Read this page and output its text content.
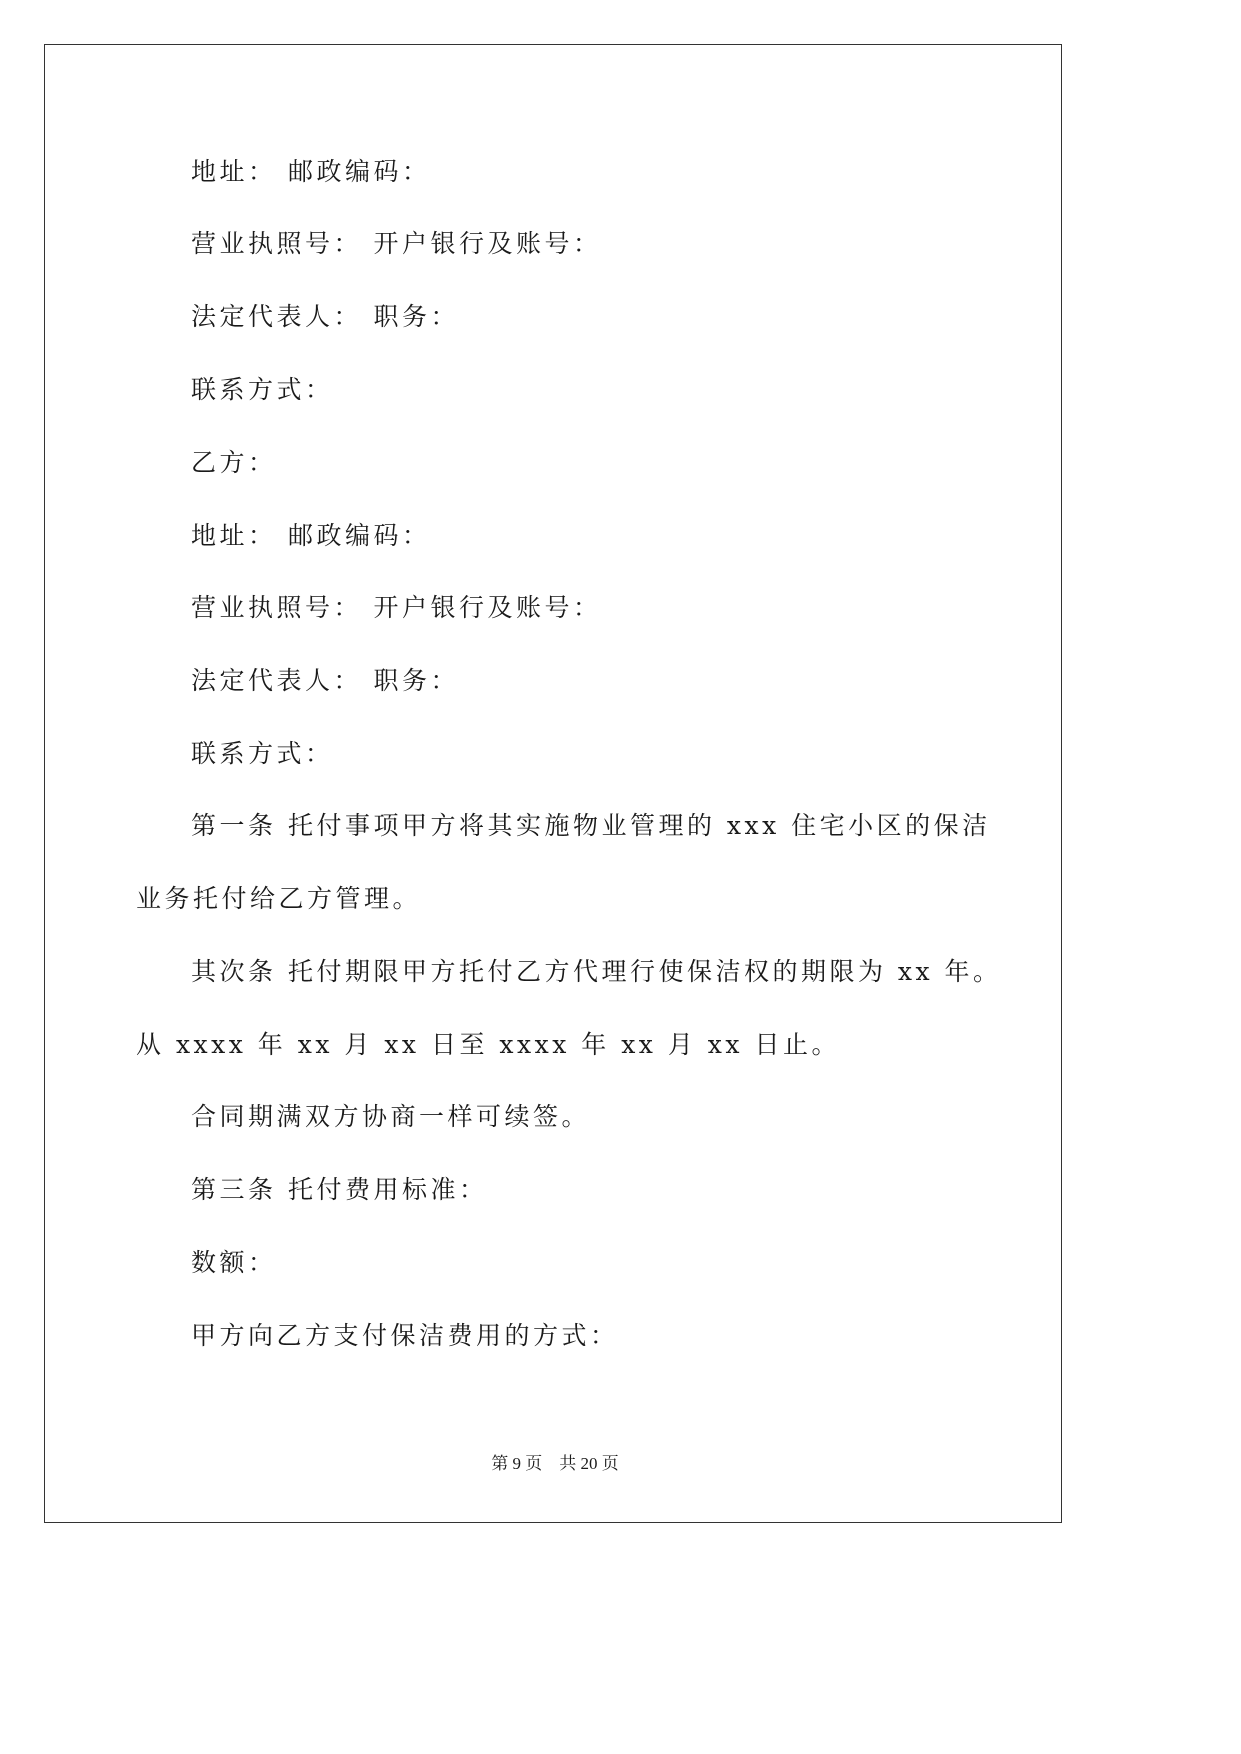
地址： 邮政编码：
营业执照号： 开户银行及账号：
法定代表人： 职务：
联系方式：
乙方：
地址： 邮政编码：
营业执照号： 开户银行及账号：
法定代表人： 职务：
联系方式：
第一条 托付事项甲方将其实施物业管理的 xxx 住宅小区的保洁
业务托付给乙方管理。
其次条 托付期限甲方托付乙方代理行使保洁权的期限为 xx 年。
从 xxxx 年 xx 月 xx 日至 xxxx 年 xx 月 xx 日止。
合同期满双方协商一样可续签。
第三条 托付费用标准：
数额：
甲方向乙方支付保洁费用的方式：
第 9 页　共 20 页
